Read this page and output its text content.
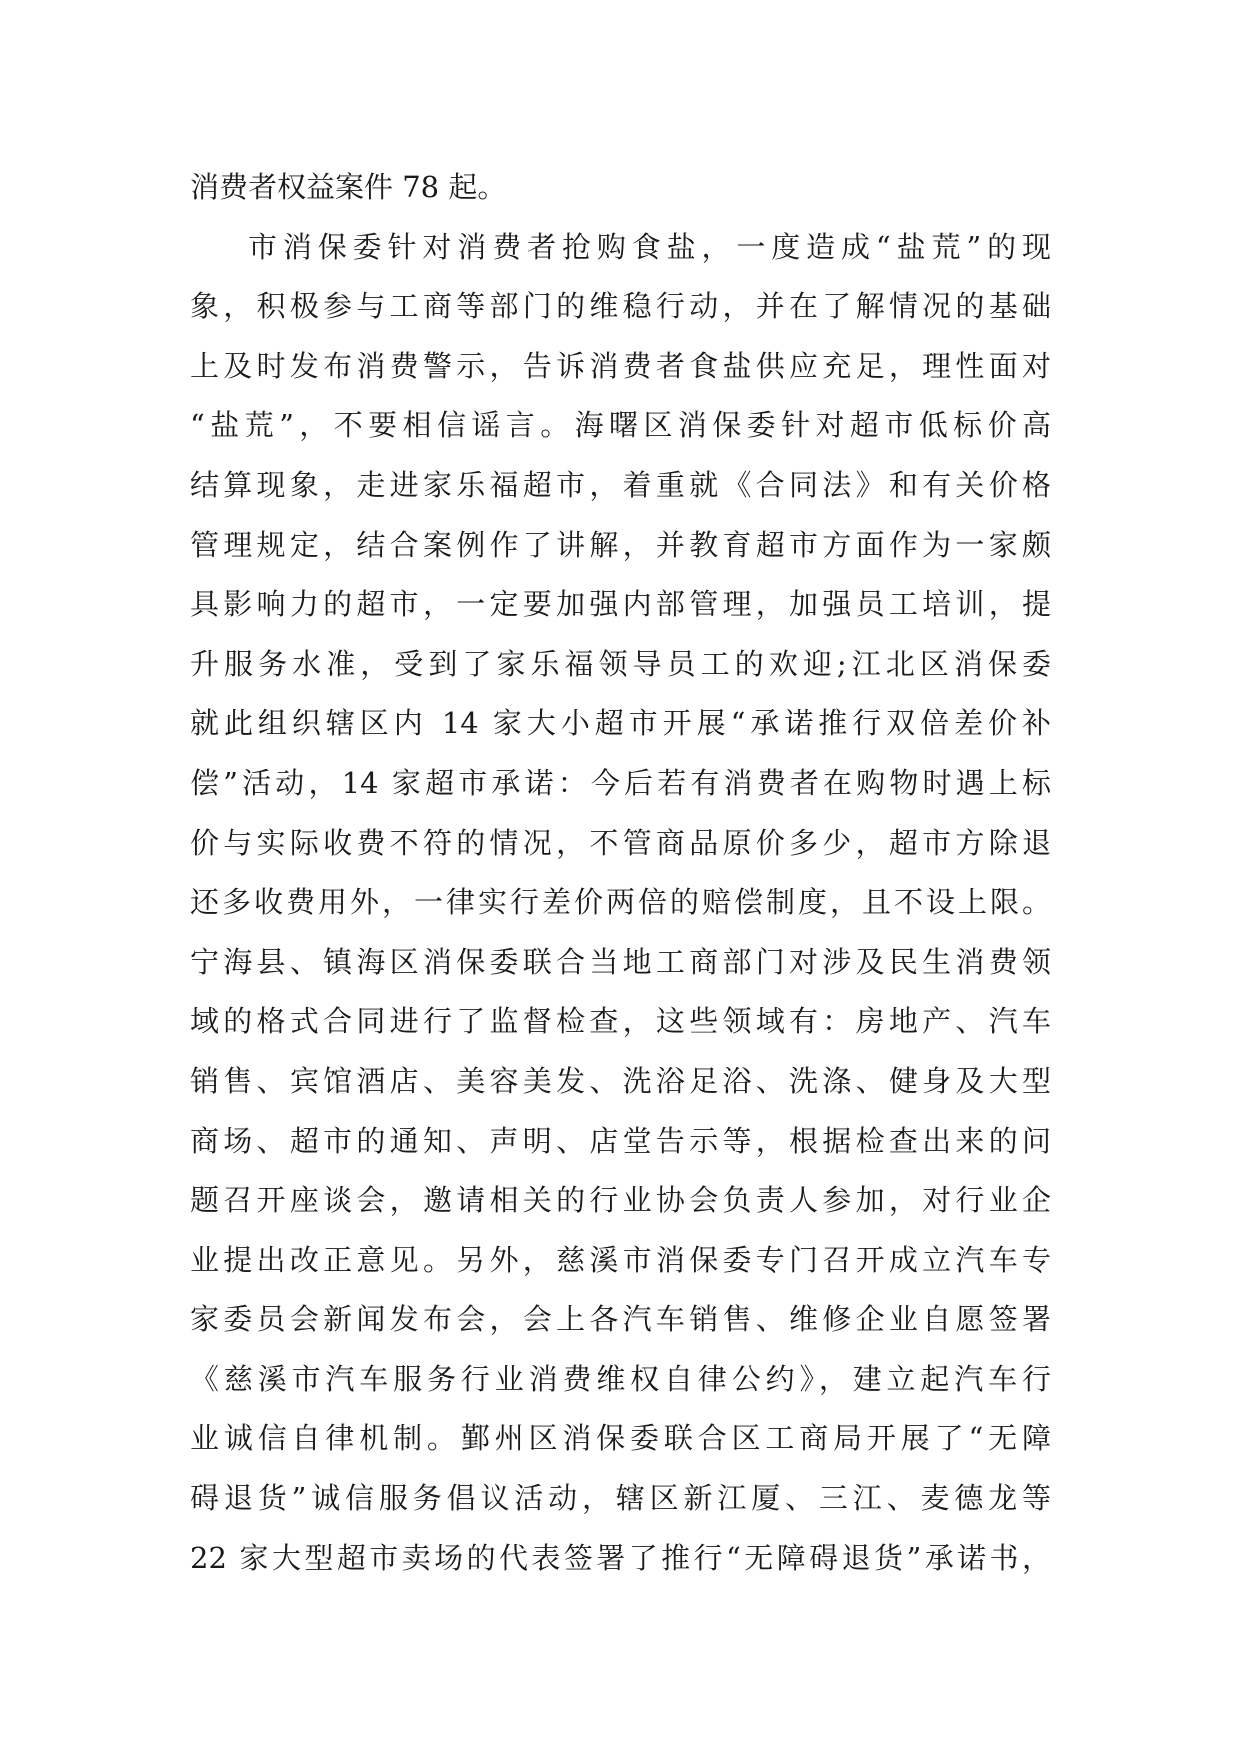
消费者权益案件 78 起。
市消保委针对消费者抢购食盐，一度造成“盐荒”的现
象，积极参与工商等部门的维稳行动，并在了解情况的基础
上及时发布消费警示，告诉消费者食盐供应充足，理性面对
“盐荒”，不要相信谣言。海曙区消保委针对超市低标价高
结算现象，走进家乐福超市，着重就《合同法》和有关价格
管理规定，结合案例作了讲解，并教育超市方面作为一家颇
具影响力的超市，一定要加强内部管理，加强员工培训，提
升服务水准，受到了家乐福领导员工的欢迎;江北区消保委
就此组织辖区内 14 家大小超市开展“承诺推行双倍差价补
偿”活动，14 家超市承诺：今后若有消费者在购物时遇上标
价与实际收费不符的情况，不管商品原价多少，超市方除退
还多收费用外，一律实行差价两倍的赔偿制度，且不设上限。
宁海县、镇海区消保委联合当地工商部门对涉及民生消费领
域的格式合同进行了监督检查，这些领域有：房地产、汽车
销售、宾馆酒店、美容美发、洗浴足浴、洗涤、健身及大型
商场、超市的通知、声明、店堂告示等，根据检查出来的问
题召开座谈会，邀请相关的行业协会负责人参加，对行业企
业提出改正意见。另外，慈溪市消保委专门召开成立汽车专
家委员会新闻发布会，会上各汽车销售、维修企业自愿签署
《慈溪市汽车服务行业消费维权自律公约》，建立起汽车行
业诚信自律机制。鄞州区消保委联合区工商局开展了“无障
碍退货”诚信服务倡议活动，辖区新江厦、三江、麦德龙等
22 家大型超市卖场的代表签署了推行“无障碍退货”承诺书，
